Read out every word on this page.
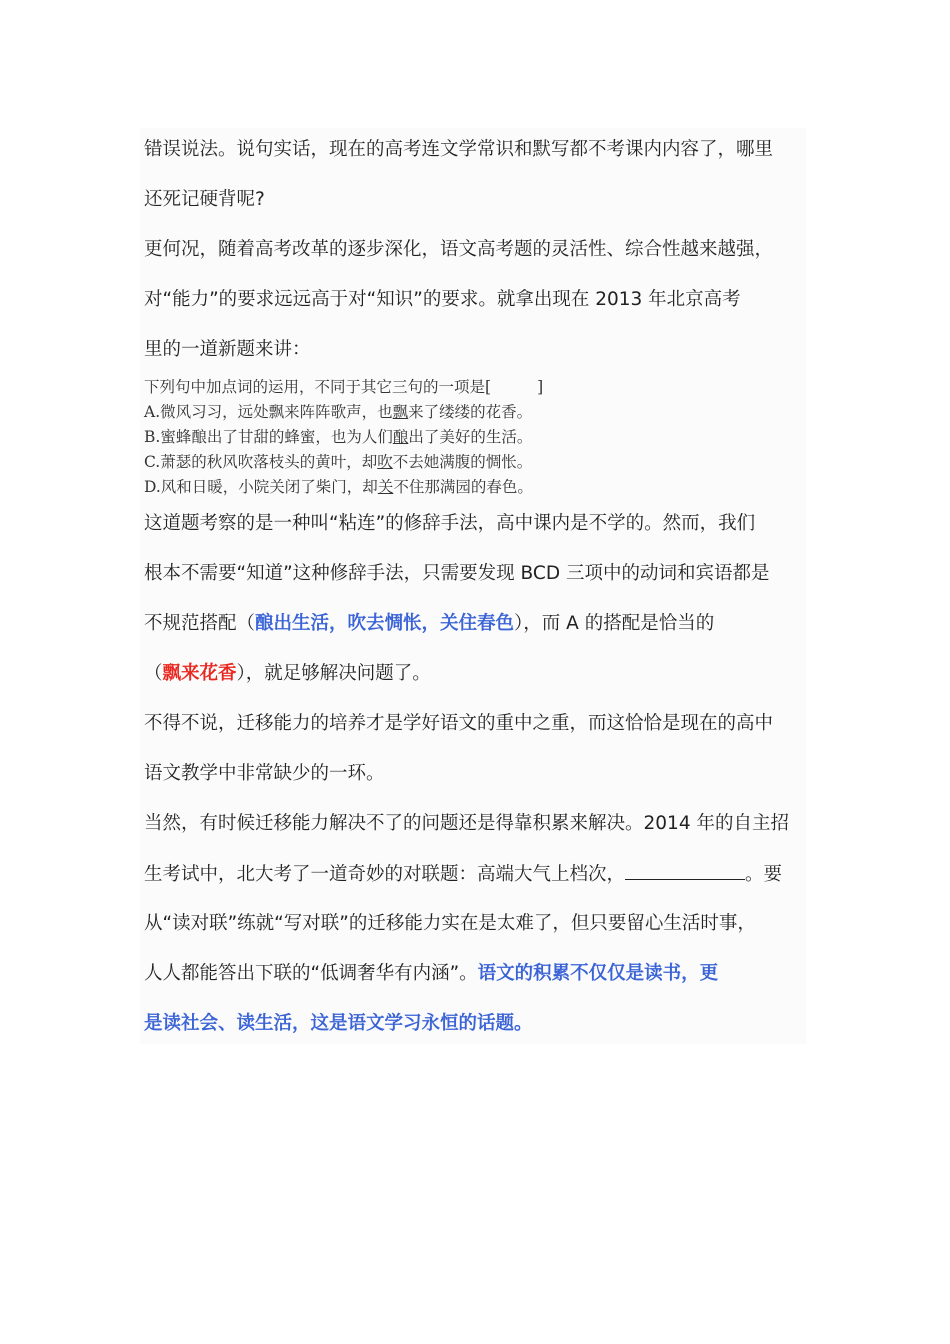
错误说法。说句实话，现在的高考连文学常识和默写都不考课内内容了，哪里
还死记硬背呢?
更何况，随着高考改革的逐步深化，语文高考题的灵活性、综合性越来越强，
对“能力”的要求远远高于对“知识”的要求。就拿出现在 2013 年北京高考
里的一道新题来讲：
下列句中加点词的运用，不同于其它三句的一项是[	]
A.微风习习，远处飘来阵阵歌声，也飘来了缕缕的花香。
B.蜜蜂酿出了甘甜的蜂蜜，也为人们酿出了美好的生活。
C.萧瑟的秋风吹落枝头的黄叶，却吹不去她满腹的惆怅。
D.风和日暖，小院关闭了柴门，却关不住那满园的春色。
这道题考察的是一种叫“粘连”的修辞手法，高中课内是不学的。然而，我们
根本不需要“知道”这种修辞手法，只需要发现 BCD 三项中的动词和宾语都是
不规范搭配（酿出生活，吹去惆怅，关住春色），而 A 的搭配是恰当的
（飘来花香），就足够解决问题了。
不得不说，迁移能力的培养才是学好语文的重中之重，而这恰恰是现在的高中
语文教学中非常缺少的一环。
当然，有时候迁移能力解决不了的问题还是得靠积累来解决。2014 年的自主招
生考试中，北大考了一道奇妙的对联题：高端大气上档次，	。要
从“读对联”练就“写对联”的迁移能力实在是太难了，但只要留心生活时事，
人人都能答出下联的“低调奢华有内涵”。语文的积累不仅仅是读书，更
是读社会、读生活，这是语文学习永恒的话题。
